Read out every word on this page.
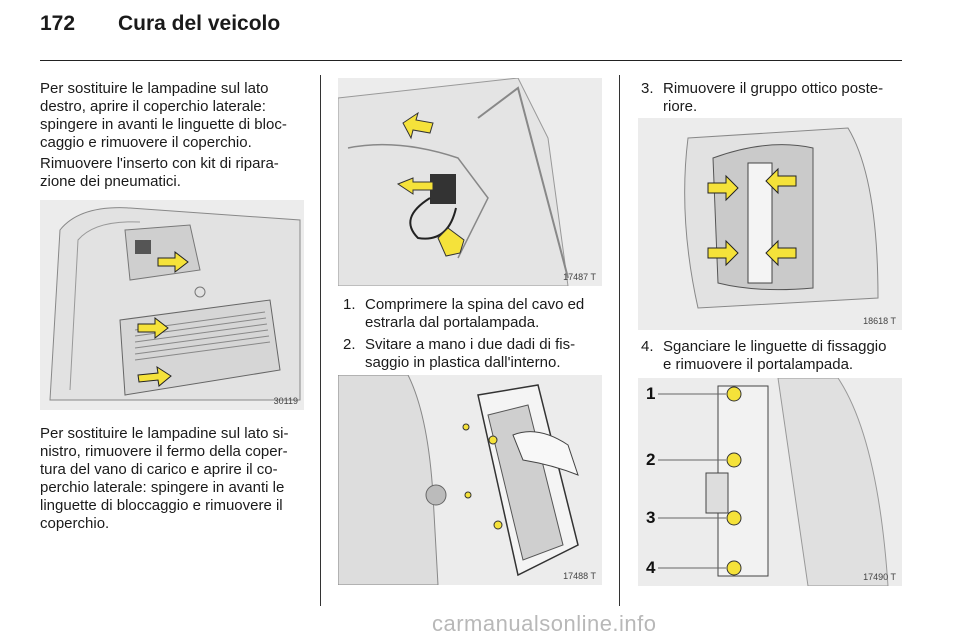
172	Cura del veicolo

Per sostituire le lampadine sul lato
destro, aprire il coperchio laterale:
spingere in avanti le linguette di bloc-
caggio e rimuovere il coperchio.

Rimuovere l'inserto con kit di ripara-
zione dei pneumatici.

30119

Per sostituire le lampadine sul lato si-
nistro, rimuovere il fermo della coper-
tura del vano di carico e aprire il co-
perchio laterale: spingere in avanti le
linguette di bloccaggio e rimuovere il
coperchio.

17487 T
1. Comprimere la spina del cavo ed
estrarla dal portalampada.
2. Svitare a mano i due dadi di fis-
saggio in plastica dall'interno.
17488 T
3. Rimuovere il gruppo ottico poste-
riore.
18618 T
4. Sganciare le linguette di fissaggio
e rimuovere il portalampada.
1
2
3
4	17490 T
carmanualsonline.info
